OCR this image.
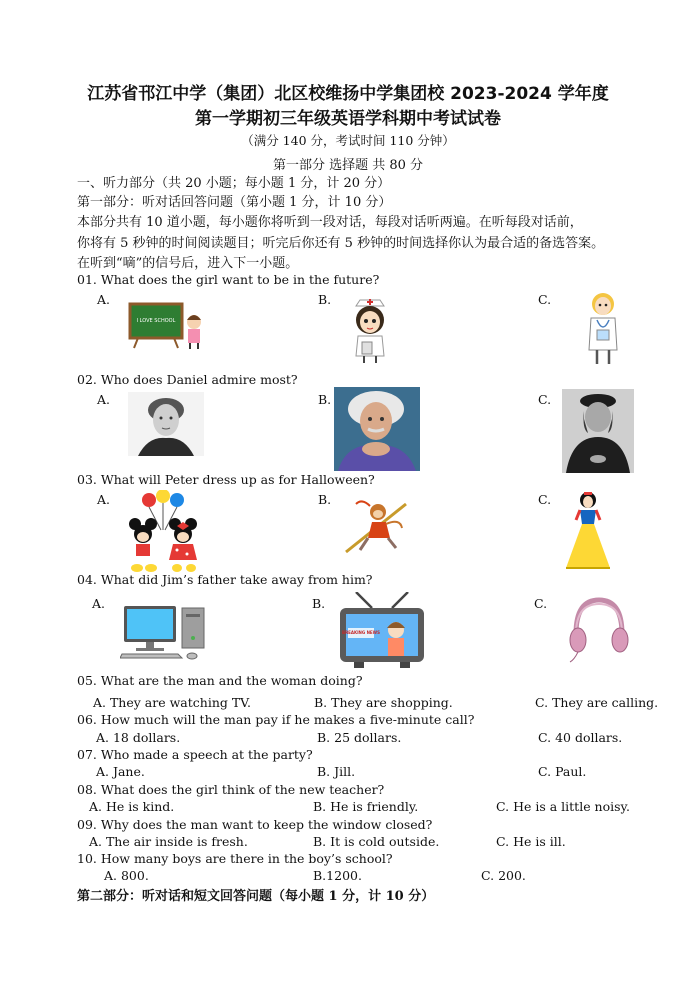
江苏省邗江中学（集团）北区校维扬中学集团校 2023-2024 学年度
第一学期初三年级英语学科期中考试试卷
（满分 140 分，考试时间 110 分钟）
第一部分 选择题 共 80 分
一、听力部分（共 20 小题；每小题 1 分，计 20 分）
第一部分：听对话回答问题（第小题 1 分，计 10 分）
本部分共有 10 道小题，每小题你将听到一段对话，每段对话听两遍。在听每段对话前，
你将有 5 秒钟的时间阅读题目；听完后你还有 5 秒钟的时间选择你认为最合适的备选答案。
在听到“嘀”的信号后，进入下一小题。
01. What does the girl want to be in the future?
A.	B.	C.
I LOVE SCHOOL
02. Who does Daniel admire most?
A.	B.	C.
03. What will Peter dress up as for Halloween?
A.	B.	C.
04. What did Jim’s father take away from him?
A.	B.	C.
BREAKING NEWS
05. What are the man and the woman doing?
A. They are watching TV.	B. They are shopping.	C. They are calling.
06. How much will the man pay if he makes a five-minute call?
A. 18 dollars.	B. 25 dollars.	C. 40 dollars.
07. Who made a speech at the party?
A. Jane.	B. Jill.	C. Paul.
08. What does the girl think of the new teacher?
A. He is kind.	B. He is friendly.	C. He is a little noisy.
09. Why does the man want to keep the window closed?
A. The air inside is fresh.	B. It is cold outside.	C. He is ill.
10. How many boys are there in the boy’s school?
A. 800.	B.1200.	C. 200.
第二部分：听对话和短文回答问题（每小题 1 分，计 10 分）
